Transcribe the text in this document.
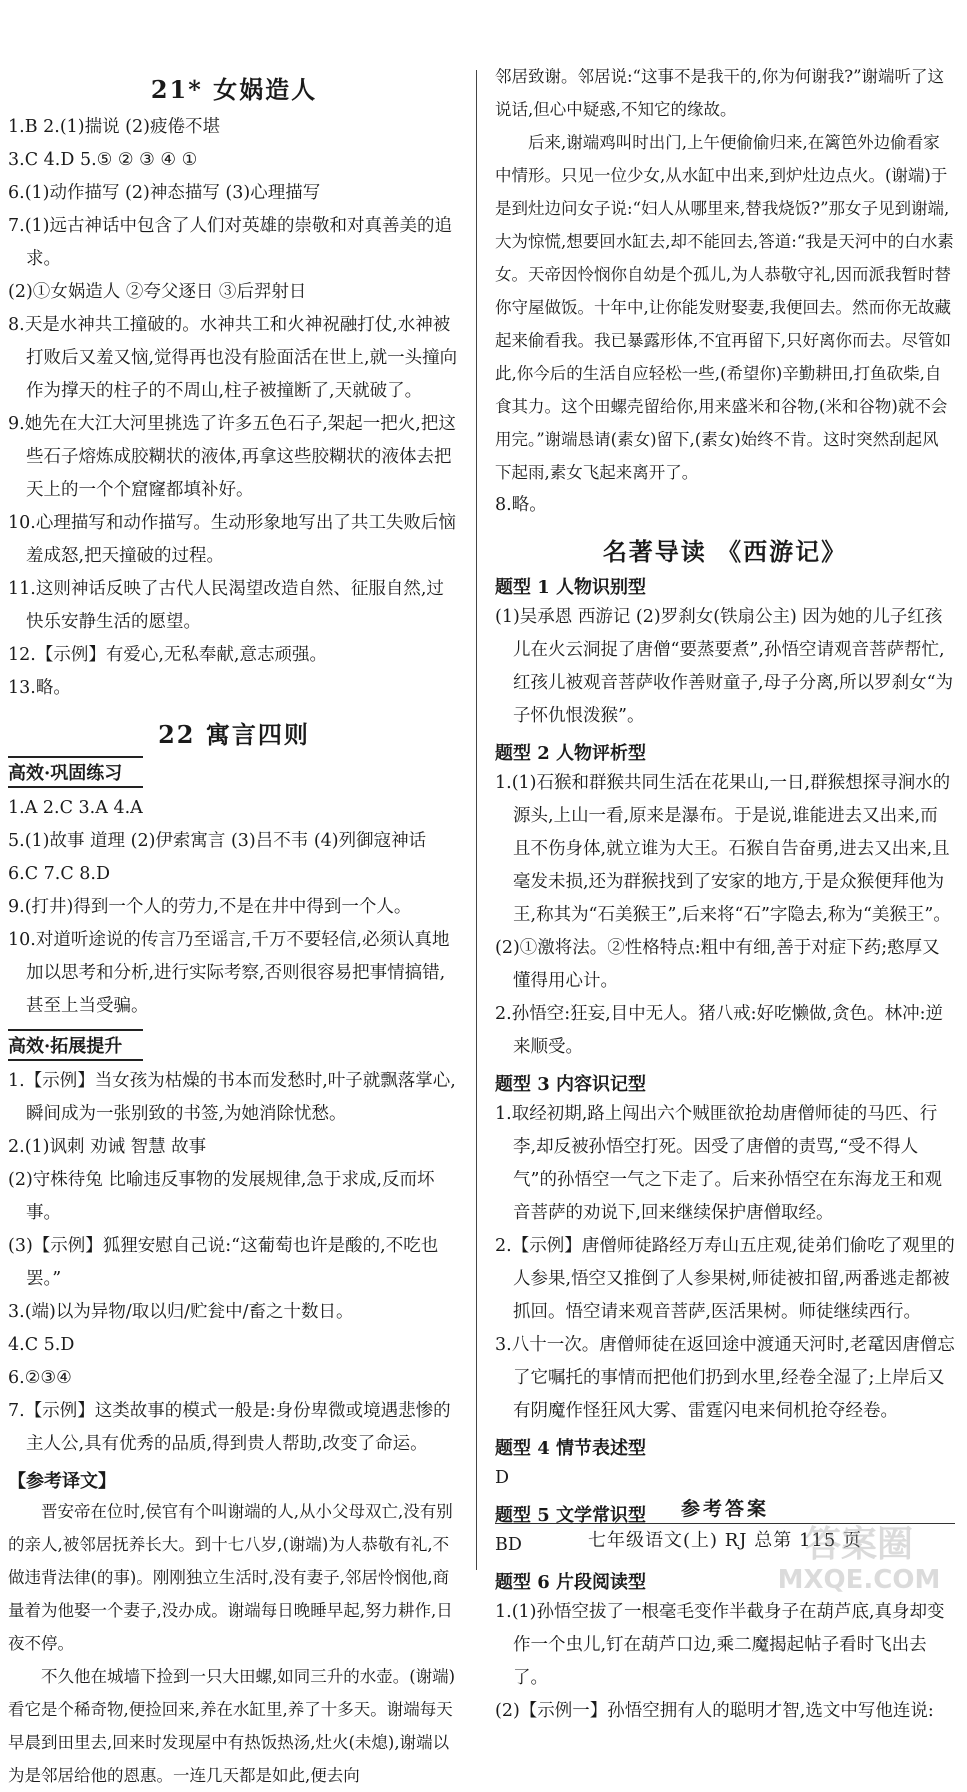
21* 女娲造人

1.B 2.(1)揣说 (2)疲倦不堪

3.C 4.D 5.⑤ ② ③ ④ ①

6.(1)动作描写 (2)神态描写 (3)心理描写

7.(1)远古神话中包含了人们对英雄的崇敬和对真善美的追求。

(2)①女娲造人 ②夸父逐日 ③后羿射日

8.天是水神共工撞破的。水神共工和火神祝融打仗,水神被打败后又羞又恼,觉得再也没有脸面活在世上,就一头撞向作为撑天的柱子的不周山,柱子被撞断了,天就破了。

9.她先在大江大河里挑选了许多五色石子,架起一把火,把这些石子熔炼成胶糊状的液体,再拿这些胶糊状的液体去把天上的一个个窟窿都填补好。

10.心理描写和动作描写。生动形象地写出了共工失败后恼羞成怒,把天撞破的过程。

11.这则神话反映了古代人民渴望改造自然、征服自然,过快乐安静生活的愿望。

12.【示例】有爱心,无私奉献,意志顽强。

13.略。

22 寓言四则
高效·巩固练习

1.A 2.C 3.A 4.A

5.(1)故事 道理 (2)伊索寓言 (3)吕不韦 (4)列御寇神话

6.C 7.C 8.D

9.(打井)得到一个人的劳力,不是在井中得到一个人。

10.对道听途说的传言乃至谣言,千万不要轻信,必须认真地加以思考和分析,进行实际考察,否则很容易把事情搞错,甚至上当受骗。

高效·拓展提升

1.【示例】当女孩为枯燥的书本而发愁时,叶子就飘落掌心,瞬间成为一张别致的书签,为她消除忧愁。

2.(1)讽刺 劝诫 智慧 故事

(2)守株待兔 比喻违反事物的发展规律,急于求成,反而坏事。

(3)【示例】狐狸安慰自己说:“这葡萄也许是酸的,不吃也罢。”

3.(端)以为异物/取以归/贮瓮中/畜之十数日。

4.C 5.D

6.②③④

7.【示例】这类故事的模式一般是:身份卑微或境遇悲惨的主人公,具有优秀的品质,得到贵人帮助,改变了命运。

【参考译文】

晋安帝在位时,侯官有个叫谢端的人,从小父母双亡,没有别的亲人,被邻居抚养长大。到十七八岁,(谢端)为人恭敬有礼,不做违背法律(的事)。刚刚独立生活时,没有妻子,邻居怜悯他,商量着为他娶一个妻子,没办成。谢端每日晚睡早起,努力耕作,日夜不停。

不久他在城墙下捡到一只大田螺,如同三升的水壶。(谢端)看它是个稀奇物,便捡回来,养在水缸里,养了十多天。谢端每天早晨到田里去,回来时发现屋中有热饭热汤,灶火(未熄),谢端以为是邻居给他的恩惠。一连几天都是如此,便去向

邻居致谢。邻居说:“这事不是我干的,你为何谢我?”谢端听了这说话,但心中疑惑,不知它的缘故。

后来,谢端鸡叫时出门,上午便偷偷归来,在篱笆外边偷看家中情形。只见一位少女,从水缸中出来,到炉灶边点火。(谢端)于是到灶边问女子说:“妇人从哪里来,替我烧饭?”那女子见到谢端,大为惊慌,想要回水缸去,却不能回去,答道:“我是天河中的白水素女。天帝因怜悯你自幼是个孤儿,为人恭敬守礼,因而派我暂时替你守屋做饭。十年中,让你能发财娶妻,我便回去。然而你无故藏起来偷看我。我已暴露形体,不宜再留下,只好离你而去。尽管如此,你今后的生活自应轻松一些,(希望你)辛勤耕田,打鱼砍柴,自食其力。这个田螺壳留给你,用来盛米和谷物,(米和谷物)就不会用完。”谢端恳请(素女)留下,(素女)始终不肯。这时突然刮起风下起雨,素女飞起来离开了。

8.略。

名著导读 《西游记》
题型 1 人物识别型

(1)吴承恩 西游记 (2)罗刹女(铁扇公主) 因为她的儿子红孩儿在火云洞捉了唐僧“要蒸要煮”,孙悟空请观音菩萨帮忙,红孩儿被观音菩萨收作善财童子,母子分离,所以罗刹女“为子怀仇恨泼猴”。

题型 2 人物评析型

1.(1)石猴和群猴共同生活在花果山,一日,群猴想探寻涧水的源头,上山一看,原来是瀑布。于是说,谁能进去又出来,而且不伤身体,就立谁为大王。石猴自告奋勇,进去又出来,且毫发未损,还为群猴找到了安家的地方,于是众猴便拜他为王,称其为“石美猴王”,后来将“石”字隐去,称为“美猴王”。

(2)①激将法。②性格特点:粗中有细,善于对症下药;憨厚又懂得用心计。

2.孙悟空:狂妄,目中无人。猪八戒:好吃懒做,贪色。林冲:逆来顺受。

题型 3 内容识记型

1.取经初期,路上闯出六个贼匪欲抢劫唐僧师徒的马匹、行李,却反被孙悟空打死。因受了唐僧的责骂,“受不得人气”的孙悟空一气之下走了。后来孙悟空在东海龙王和观音菩萨的劝说下,回来继续保护唐僧取经。

2.【示例】唐僧师徒路经万寿山五庄观,徒弟们偷吃了观里的人参果,悟空又推倒了人参果树,师徒被扣留,两番逃走都被抓回。悟空请来观音菩萨,医活果树。师徒继续西行。

3.八十一次。唐僧师徒在返回途中渡通天河时,老鼋因唐僧忘了它嘱托的事情而把他们扔到水里,经卷全湿了;上岸后又有阴魔作怪狂风大雾、雷霆闪电来伺机抢夺经卷。

题型 4 情节表述型

D

题型 5 文学常识型

BD

题型 6 片段阅读型

1.(1)孙悟空拔了一根毫毛变作半截身子在葫芦底,真身却变作一个虫儿,钉在葫芦口边,乘二魔揭起帖子看时飞出去了。

(2)【示例一】孙悟空拥有人的聪明才智,选文中写他连说:

参考答案
七年级语文(上) RJ 总第 115 页
答案圈
MXQE.COM
